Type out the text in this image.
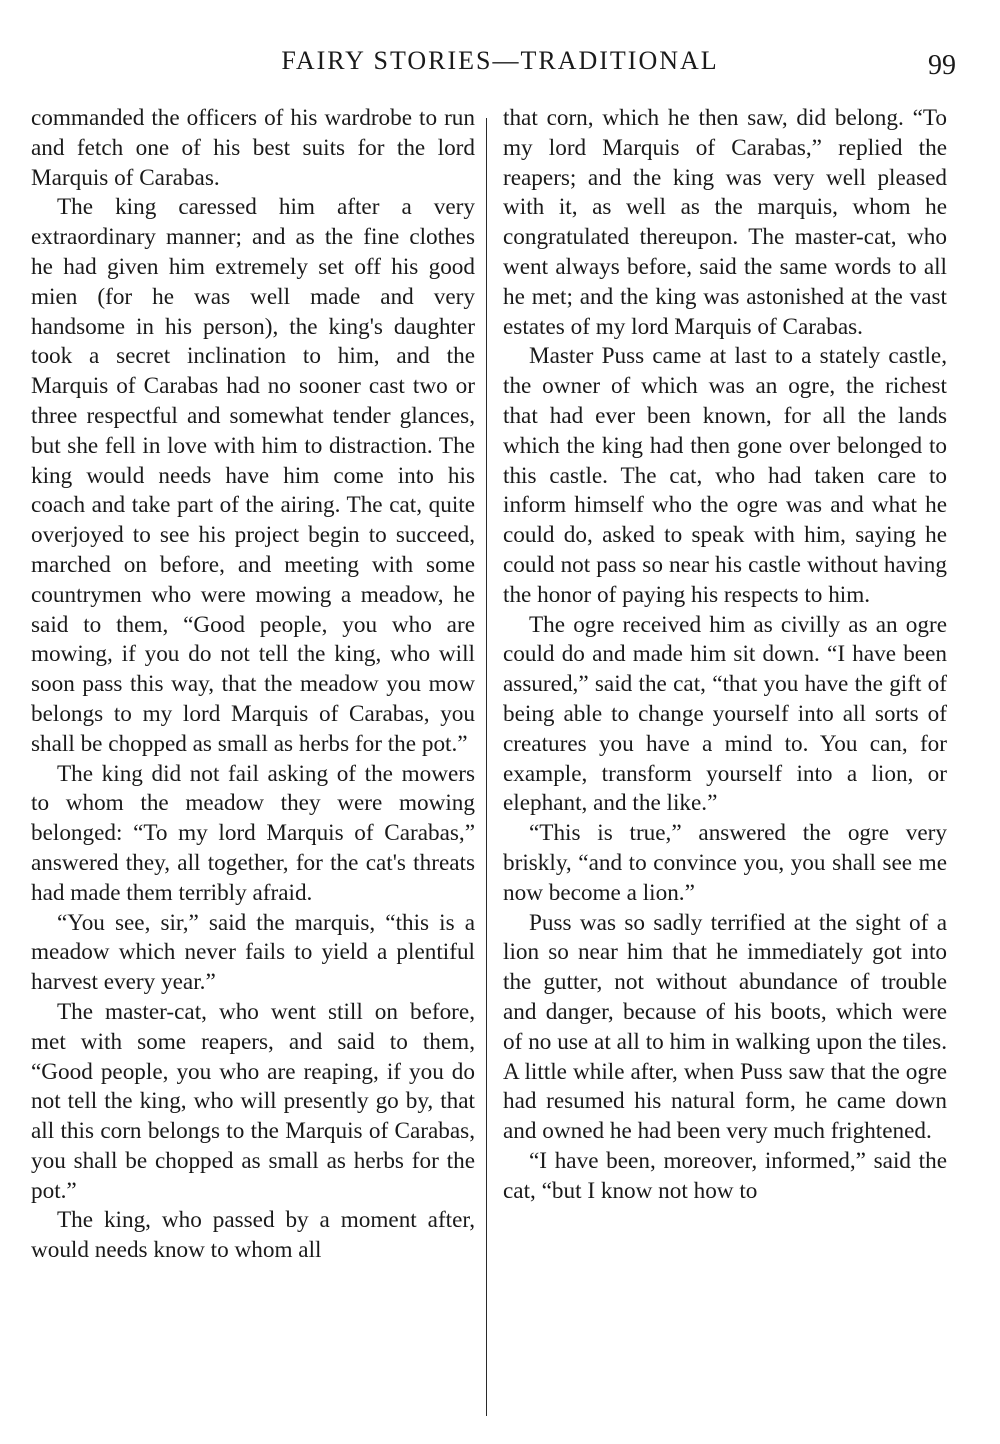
FAIRY STORIES—TRADITIONAL	99

commanded the officers of his wardrobe to run and fetch one of his best suits for the lord Marquis of Carabas.

The king caressed him after a very extraordinary manner; and as the fine clothes he had given him extremely set off his good mien (for he was well made and very handsome in his person), the king's daughter took a secret inclination to him, and the Marquis of Carabas had no sooner cast two or three respectful and somewhat tender glances, but she fell in love with him to distraction. The king would needs have him come into his coach and take part of the airing. The cat, quite overjoyed to see his project begin to succeed, marched on before, and meeting with some countrymen who were mowing a meadow, he said to them, “Good people, you who are mowing, if you do not tell the king, who will soon pass this way, that the meadow you mow belongs to my lord Marquis of Carabas, you shall be chopped as small as herbs for the pot.”

The king did not fail asking of the mowers to whom the meadow they were mowing belonged: “To my lord Marquis of Carabas,” answered they, all together, for the cat's threats had made them terribly afraid.

“You see, sir,” said the marquis, “this is a meadow which never fails to yield a plentiful harvest every year.”

The master-cat, who went still on before, met with some reapers, and said to them, “Good people, you who are reaping, if you do not tell the king, who will presently go by, that all this corn belongs to the Marquis of Carabas, you shall be chopped as small as herbs for the pot.”

The king, who passed by a moment after, would needs know to whom all

that corn, which he then saw, did belong. “To my lord Marquis of Carabas,” replied the reapers; and the king was very well pleased with it, as well as the marquis, whom he congratulated thereupon. The master-cat, who went always before, said the same words to all he met; and the king was astonished at the vast estates of my lord Marquis of Carabas.

Master Puss came at last to a stately castle, the owner of which was an ogre, the richest that had ever been known, for all the lands which the king had then gone over belonged to this castle. The cat, who had taken care to inform himself who the ogre was and what he could do, asked to speak with him, saying he could not pass so near his castle without having the honor of paying his respects to him.

The ogre received him as civilly as an ogre could do and made him sit down. “I have been assured,” said the cat, “that you have the gift of being able to change yourself into all sorts of creatures you have a mind to. You can, for example, transform yourself into a lion, or elephant, and the like.”

“This is true,” answered the ogre very briskly, “and to convince you, you shall see me now become a lion.”

Puss was so sadly terrified at the sight of a lion so near him that he immediately got into the gutter, not without abundance of trouble and danger, because of his boots, which were of no use at all to him in walking upon the tiles. A little while after, when Puss saw that the ogre had resumed his natural form, he came down and owned he had been very much frightened.

“I have been, moreover, informed,” said the cat, “but I know not how to
